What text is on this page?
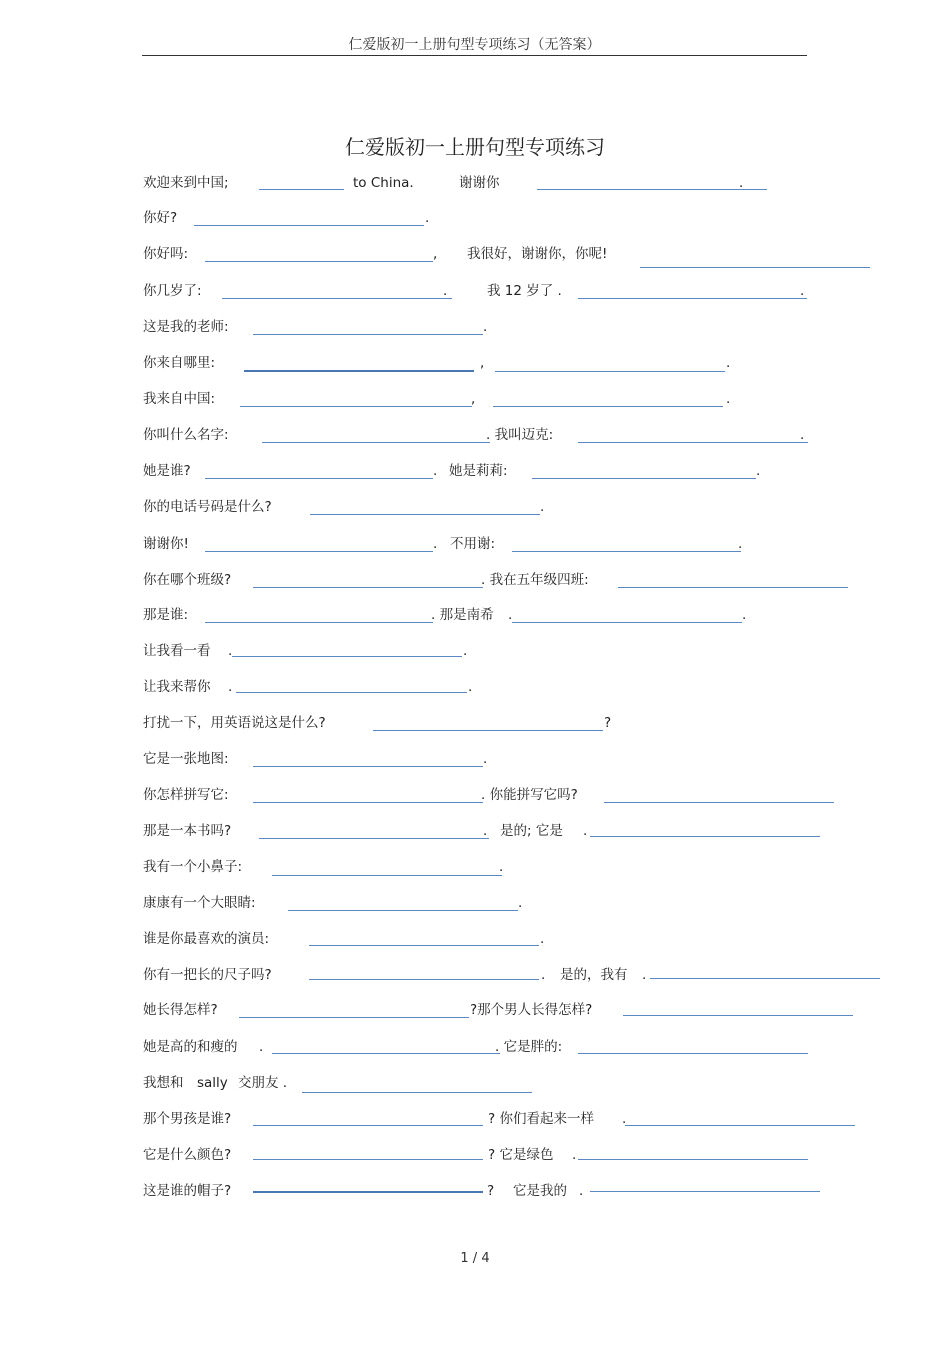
仁爱版初一上册句型专项练习（无答案）
仁爱版初一上册句型专项练习
欢迎来到中国;	to China.	谢谢你	.
你好?	.
你好吗:	, 我很好，谢谢你，你呢!
你几岁了:	.	我 12 岁了 .	.
这是我的老师:	.
你来自哪里:	,	.
我来自中国:	,	.
你叫什么名字:	. 我叫迈克:	.
她是谁?	. 她是莉莉:	.
你的电话号码是什么?	.
谢谢你!	. 不用谢:	.
你在哪个班级?	. 我在五年级四班:
那是谁:	. 那是南希 .	.
让我看一看 .	.
让我来帮你 .	.
打扰一下，用英语说这是什么?	?
它是一张地图:	.
你怎样拼写它:	. 你能拼写它吗?
那是一本书吗?	. 是的; 它是 .
我有一个小鼻子:	.
康康有一个大眼睛:	.
谁是你最喜欢的演员:	.
你有一把长的尺子吗?	. 是的，我有 .
她长得怎样?	?那个男人长得怎样?
她是高的和瘦的 .	. 它是胖的:
我想和 sally 交朋友 .
那个男孩是谁?	? 你们看起来一样 .
它是什么颜色?	? 它是绿色 .
这是谁的帽子?	? 它是我的 .
1 / 4
